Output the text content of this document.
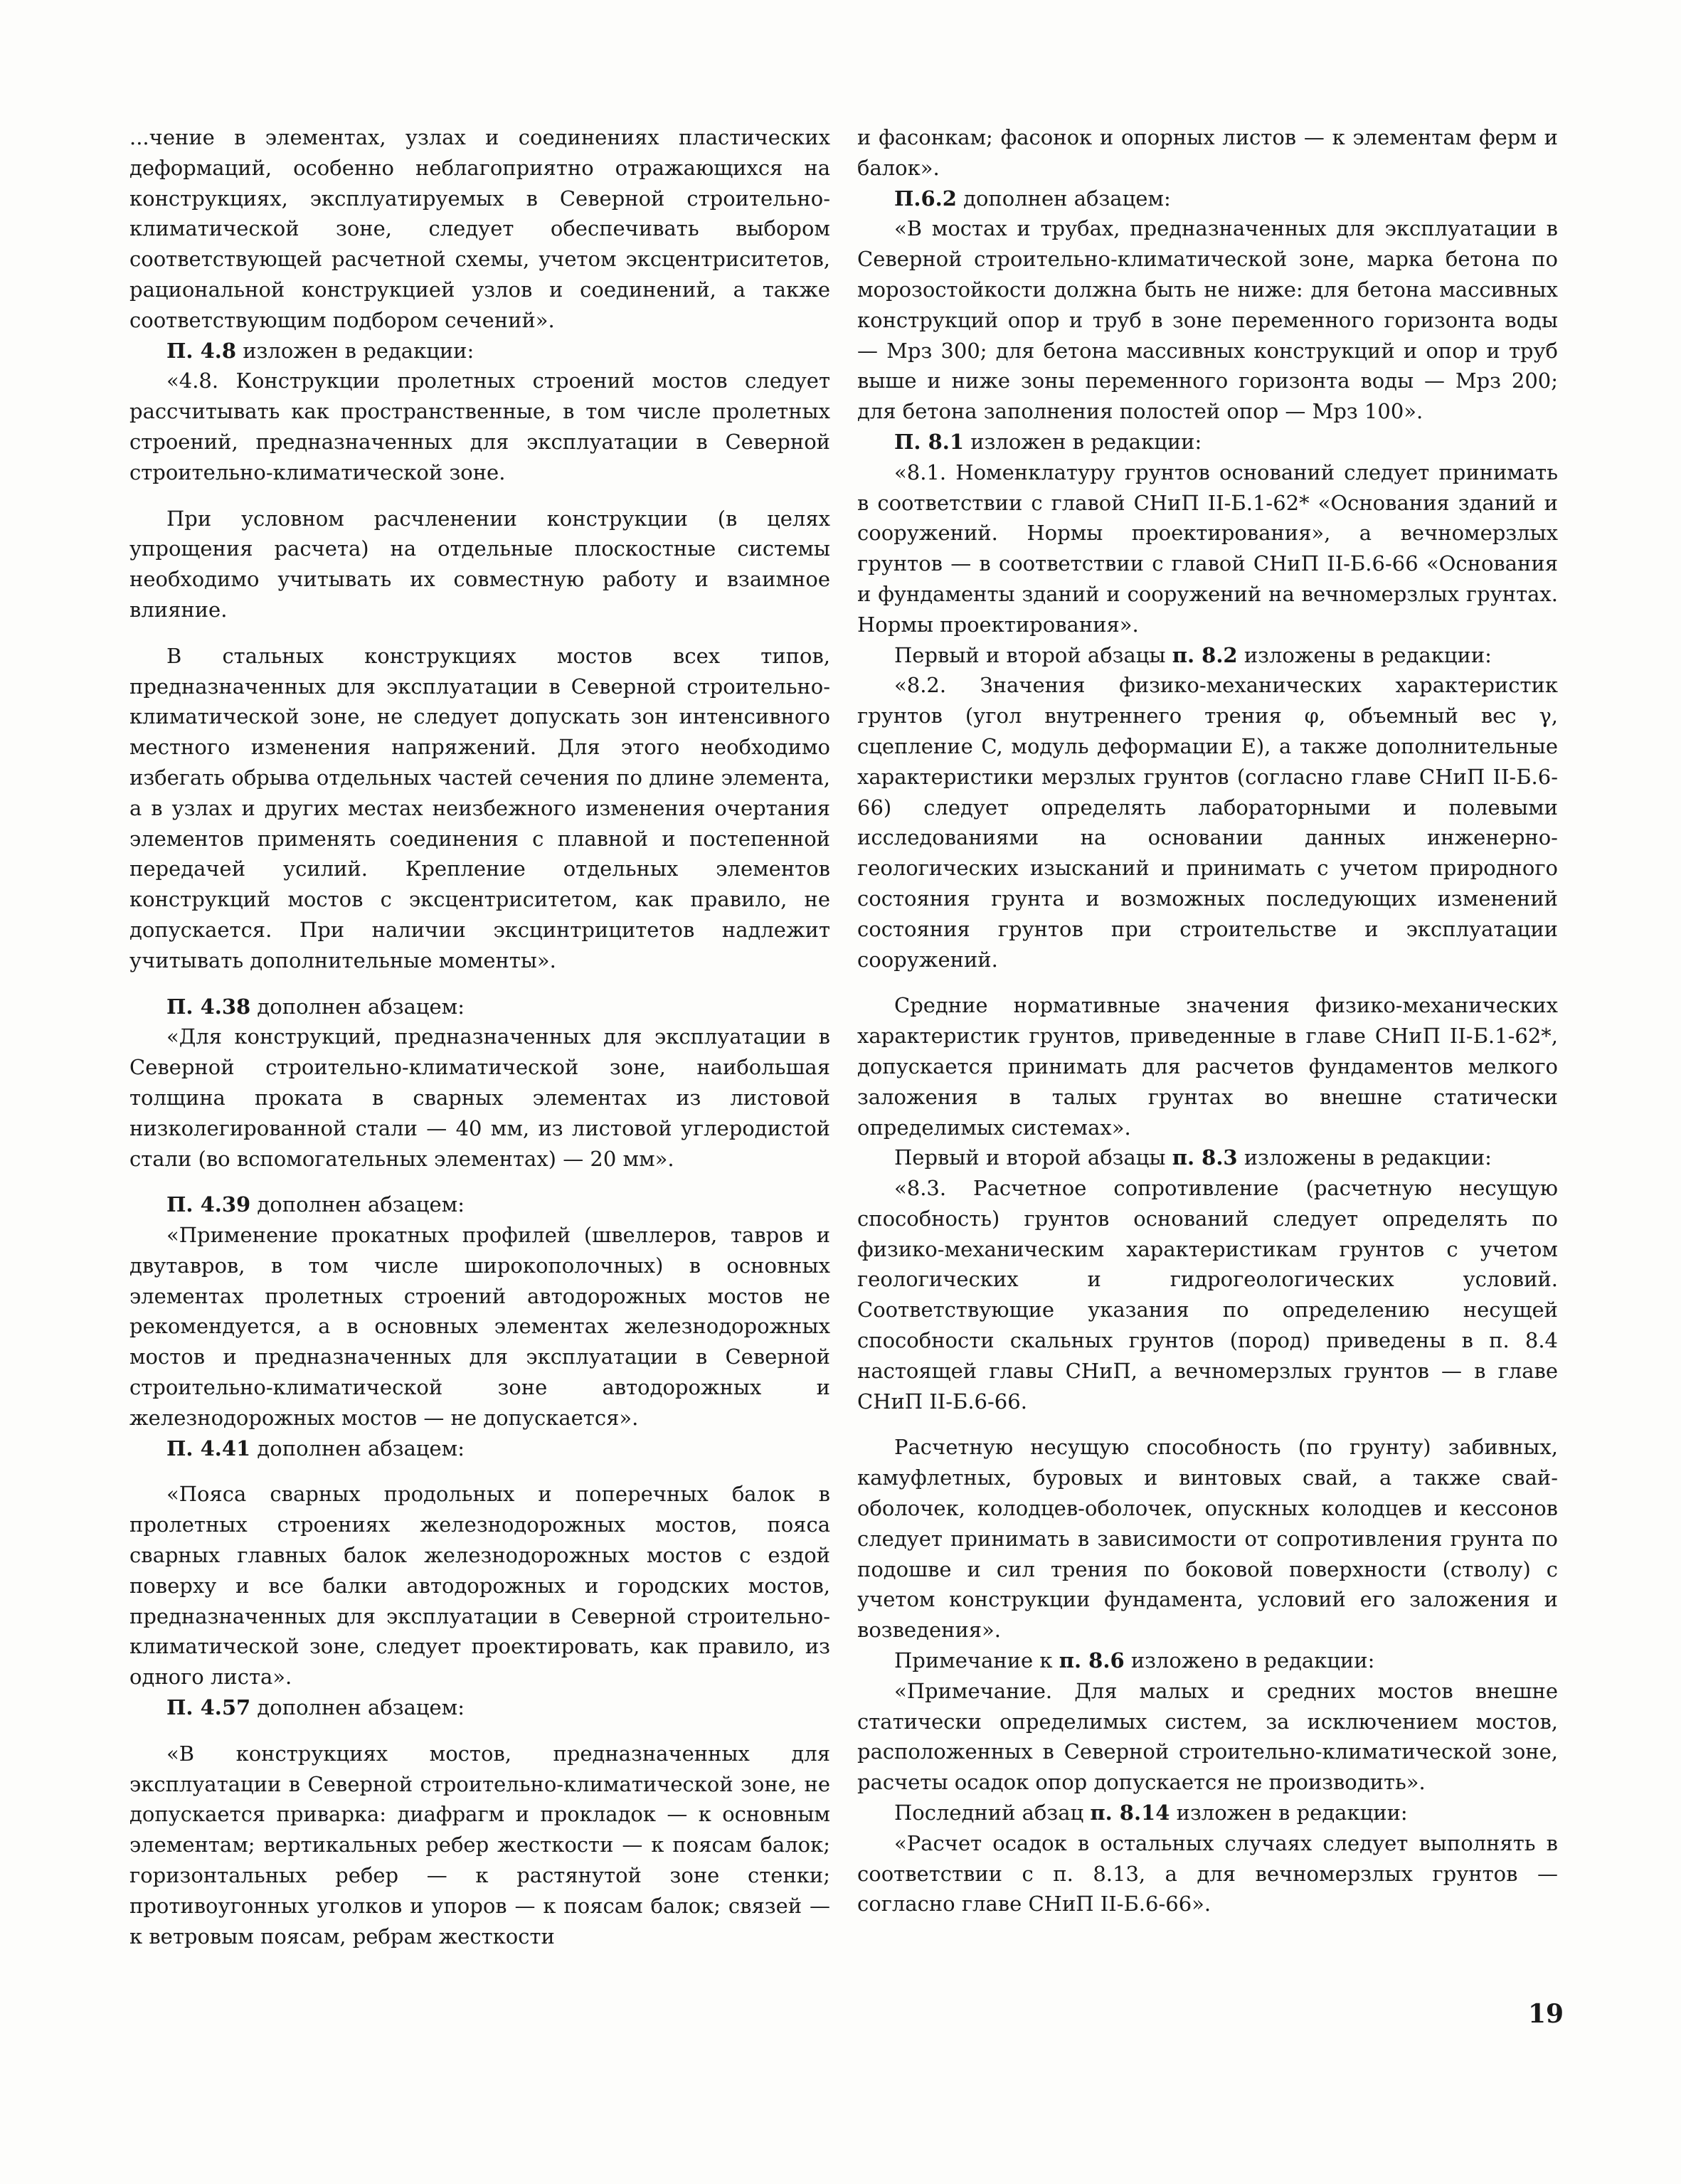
...чение в элементах, узлах и соединениях пластических деформаций, особенно неблагоприятно отражающихся на конструкциях, эксплуатируемых в Северной строительно-климатической зоне, следует обеспечивать выбором соответствующей расчетной схемы, учетом эксцентриситетов, рациональной конструкцией узлов и соединений, а также соответствующим подбором сечений».

П. 4.8 изложен в редакции:

«4.8. Конструкции пролетных строений мостов следует рассчитывать как пространственные, в том числе пролетных строений, предназначенных для эксплуатации в Северной строительно-климатической зоне.

При условном расчленении конструкции (в целях упрощения расчета) на отдельные плоскостные системы необходимо учитывать их совместную работу и взаимное влияние.

В стальных конструкциях мостов всех типов, предназначенных для эксплуатации в Северной строительно-климатической зоне, не следует допускать зон интенсивного местного изменения напряжений. Для этого необходимо избегать обрыва отдельных частей сечения по длине элемента, а в узлах и других местах неизбежного изменения очертания элементов применять соединения с плавной и постепенной передачей усилий. Крепление отдельных элементов конструкций мостов с эксцентриситетом, как правило, не допускается. При наличии эксцинтрицитетов надлежит учитывать дополнительные моменты».

П. 4.38 дополнен абзацем:

«Для конструкций, предназначенных для эксплуатации в Северной строительно-климатической зоне, наибольшая толщина проката в сварных элементах из листовой низколегированной стали — 40 мм, из листовой углеродистой стали (во вспомогательных элементах) — 20 мм».

П. 4.39 дополнен абзацем:

«Применение прокатных профилей (швеллеров, тавров и двутавров, в том числе широкополочных) в основных элементах пролетных строений автодорожных мостов не рекомендуется, а в основных элементах железнодорожных мостов и предназначенных для эксплуатации в Северной строительно-климатической зоне автодорожных и железнодорожных мостов — не допускается».

П. 4.41 дополнен абзацем:

«Пояса сварных продольных и поперечных балок в пролетных строениях железнодорожных мостов, пояса сварных главных балок железнодорожных мостов с ездой поверху и все балки автодорожных и городских мостов, предназначенных для эксплуатации в Северной строительно-климатической зоне, следует проектировать, как правило, из одного листа».

П. 4.57 дополнен абзацем:

«В конструкциях мостов, предназначенных для эксплуатации в Северной строительно-климатической зоне, не допускается приварка: диафрагм и прокладок — к основным элементам; вертикальных ребер жесткости — к поясам балок; горизонтальных ребер — к растянутой зоне стенки; противоугонных уголков и упоров — к поясам балок; связей — к ветровым поясам, ребрам жесткости

и фасонкам; фасонок и опорных листов — к элементам ферм и балок».

П.6.2 дополнен абзацем:

«В мостах и трубах, предназначенных для эксплуатации в Северной строительно-климатической зоне, марка бетона по морозостойкости должна быть не ниже: для бетона массивных конструкций опор и труб в зоне переменного горизонта воды — Мрз 300; для бетона массивных конструкций и опор и труб выше и ниже зоны переменного горизонта воды — Мрз 200; для бетона заполнения полостей опор — Мрз 100».

П. 8.1 изложен в редакции:

«8.1. Номенклатуру грунтов оснований следует принимать в соответствии с главой СНиП II-Б.1-62* «Основания зданий и сооружений. Нормы проектирования», а вечномерзлых грунтов — в соответствии с главой СНиП II-Б.6-66 «Основания и фундаменты зданий и сооружений на вечномерзлых грунтах. Нормы проектирования».

Первый и второй абзацы п. 8.2 изложены в редакции:

«8.2. Значения физико-механических характеристик грунтов (угол внутреннего трения φ, объемный вес γ, сцепление C, модуль деформации E), а также дополнительные характеристики мерзлых грунтов (согласно главе СНиП II-Б.6-66) следует определять лабораторными и полевыми исследованиями на основании данных инженерно-геологических изысканий и принимать с учетом природного состояния грунта и возможных последующих изменений состояния грунтов при строительстве и эксплуатации сооружений.

Средние нормативные значения физико-механических характеристик грунтов, приведенные в главе СНиП II-Б.1-62*, допускается принимать для расчетов фундаментов мелкого заложения в талых грунтах во внешне статически определимых системах».

Первый и второй абзацы п. 8.3 изложены в редакции:

«8.3. Расчетное сопротивление (расчетную несущую способность) грунтов оснований следует определять по физико-механическим характеристикам грунтов с учетом геологических и гидрогеологических условий. Соответствующие указания по определению несущей способности скальных грунтов (пород) приведены в п. 8.4 настоящей главы СНиП, а вечномерзлых грунтов — в главе СНиП II-Б.6-66.

Расчетную несущую способность (по грунту) забивных, камуфлетных, буровых и винтовых свай, а также свай-оболочек, колодцев-оболочек, опускных колодцев и кессонов следует принимать в зависимости от сопротивления грунта по подошве и сил трения по боковой поверхности (стволу) с учетом конструкции фундамента, условий его заложения и возведения».

Примечание к п. 8.6 изложено в редакции:

«Примечание. Для малых и средних мостов внешне статически определимых систем, за исключением мостов, расположенных в Северной строительно-климатической зоне, расчеты осадок опор допускается не производить».

Последний абзац п. 8.14 изложен в редакции:

«Расчет осадок в остальных случаях следует выполнять в соответствии с п. 8.13, а для вечномерзлых грунтов — согласно главе СНиП II-Б.6-66».

19
